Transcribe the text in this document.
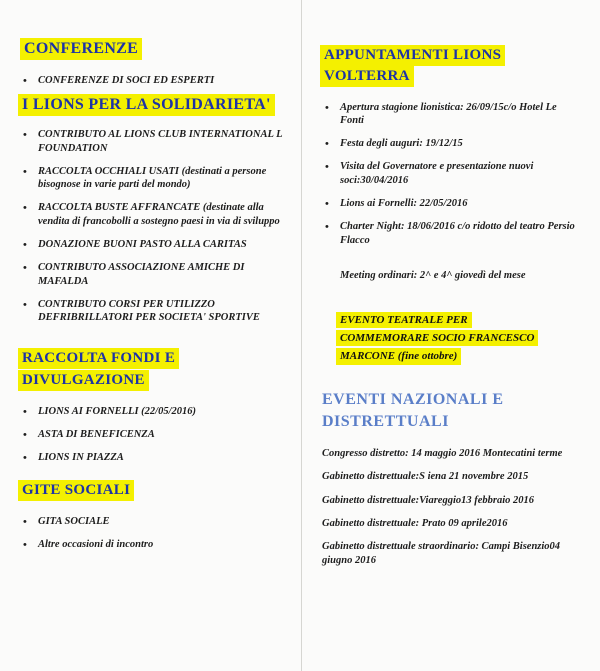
CONFERENZE
• CONFERENZE DI SOCI ED ESPERTI
I LIONS PER LA SOLIDARIETA'
• CONTRIBUTO AL LIONS CLUB INTERNATIONAL L FOUNDATION
• RACCOLTA OCCHIALI USATI (destinati a persone bisognose in varie parti del mondo)
• RACCOLTA BUSTE AFFRANCATE (destinate alla vendita di francobolli a sostegno paesi in via di sviluppo
• DONAZIONE BUONI PASTO ALLA CARITAS
• CONTRIBUTO ASSOCIAZIONE AMICHE DI MAFALDA
• CONTRIBUTO CORSI PER UTILIZZO DEFRIBRILLATORI PER SOCIETA' SPORTIVE
RACCOLTA FONDI E
DIVULGAZIONE
• LIONS AI FORNELLI (22/05/2016)
• ASTA DI BENEFICENZA
• LIONS IN PIAZZA
GITE SOCIALI
• GITA SOCIALE
• Altre occasioni di incontro
APPUNTAMENTI LIONS
VOLTERRA
• Apertura stagione lionistica: 26/09/15c/o Hotel Le Fonti
• Festa degli auguri: 19/12/15
• Visita del Governatore e presentazione nuovi soci:30/04/2016
• Lions ai Fornelli: 22/05/2016
• Charter Night: 18/06/2016 c/o ridotto del teatro Persio Flacco
Meeting ordinari: 2^ e 4^ giovedì del mese
EVENTO TEATRALE PER
COMMEMORARE SOCIO FRANCESCO
MARCONE (fine ottobre)
EVENTI NAZIONALI E
DISTRETTUALI
Congresso distretto: 14 maggio 2016 Montecatini terme
Gabinetto distrettuale:S iena 21 novembre 2015
Gabinetto distrettuale:Viareggio13 febbraio 2016
Gabinetto distrettuale: Prato 09 aprile2016
Gabinetto distrettuale straordinario: Campi Bisenzio04 giugno 2016
